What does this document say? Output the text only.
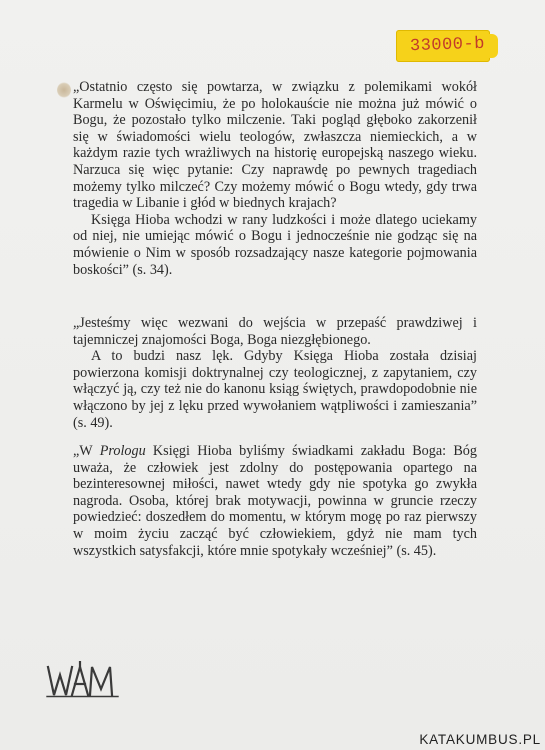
33000-b

„Ostatnio często się powtarza, w związku z polemikami wokół Karmelu w Oświęcimiu, że po holokauście nie można już mówić o Bogu, że pozostało tylko milczenie. Taki pogląd głęboko zakorzenił się w świadomości wielu teologów, zwłaszcza niemieckich, a w każdym razie tych wrażliwych na historię europejską naszego wieku. Narzuca się więc pytanie: Czy naprawdę po pewnych tragediach możemy tylko milczeć? Czy możemy mówić o Bogu wtedy, gdy trwa tragedia w Libanie i głód w biednych krajach?

Księga Hioba wchodzi w rany ludzkości i może dlatego uciekamy od niej, nie umiejąc mówić o Bogu i jednocześnie nie godząc się na mówienie o Nim w sposób rozsadzający nasze kategorie pojmowania boskości” (s. 34).

„Jesteśmy więc wezwani do wejścia w przepaść prawdziwej i tajemniczej znajomości Boga, Boga niezgłębionego.

A to budzi nasz lęk. Gdyby Księga Hioba została dzisiaj powierzona komisji doktrynalnej czy teologicznej, z zapytaniem, czy włączyć ją, czy też nie do kanonu ksiąg świętych, prawdopodobnie nie włączono by jej z lęku przed wywołaniem wątpliwości i zamieszania” (s. 49).

„W Prologu Księgi Hioba byliśmy świadkami zakładu Boga: Bóg uważa, że człowiek jest zdolny do postępowania opartego na bezinteresownej miłości, nawet wtedy gdy nie spotyka go zwykła nagroda. Osoba, której brak motywacji, powinna w gruncie rzeczy powiedzieć: doszedłem do momentu, w którym mogę po raz pierwszy w moim życiu zacząć być człowiekiem, gdyż nie mam tych wszystkich satysfakcji, które mnie spotykały wcześniej” (s. 45).

KATAKUMBUS.PL
